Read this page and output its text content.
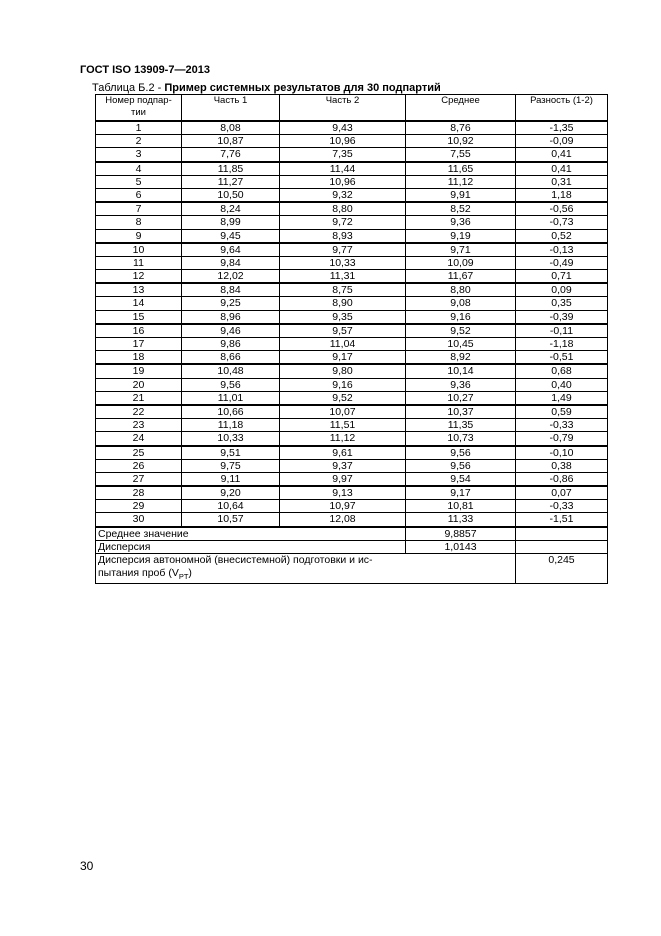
ГОСТ ISO 13909-7—2013
Таблица Б.2 - Пример системных результатов для 30 подпартий
Номер подпар-тии	Часть 1	Часть 2	Среднее	Разность (1-2)
1	8,08	9,43	8,76	-1,35
2	10,87	10,96	10,92	-0,09
3	7,76	7,35	7,55	0,41
4	11,85	11,44	11,65	0,41
5	11,27	10,96	11,12	0,31
6	10,50	9,32	9,91	1,18
7	8,24	8,80	8,52	-0,56
8	8,99	9,72	9,36	-0,73
9	9,45	8,93	9,19	0,52
10	9,64	9,77	9,71	-0,13
11	9,84	10,33	10,09	-0,49
12	12,02	11,31	11,67	0,71
13	8,84	8,75	8,80	0,09
14	9,25	8,90	9,08	0,35
15	8,96	9,35	9,16	-0,39
16	9,46	9,57	9,52	-0,11
17	9,86	11,04	10,45	-1,18
18	8,66	9,17	8,92	-0,51
19	10,48	9,80	10,14	0,68
20	9,56	9,16	9,36	0,40
21	11,01	9,52	10,27	1,49
22	10,66	10,07	10,37	0,59
23	11,18	11,51	11,35	-0,33
24	10,33	11,12	10,73	-0,79
25	9,51	9,61	9,56	-0,10
26	9,75	9,37	9,56	0,38
27	9,11	9,97	9,54	-0,86
28	9,20	9,13	9,17	0,07
29	10,64	10,97	10,81	-0,33
30	10,57	12,08	11,33	-1,51
Среднее значение			9,8857	
Дисперсия			1,0143	
Дисперсия автономной (внесистемной) подготовки и ис-
пытания проб $(V_{PT})$				0,245
30
